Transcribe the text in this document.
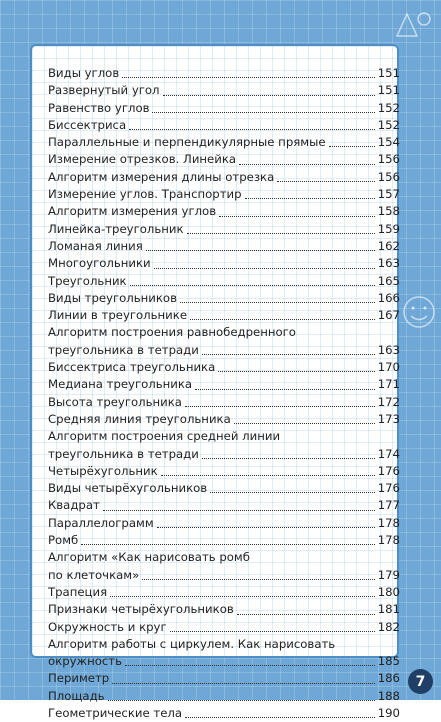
Виды углов	151
Развернутый угол	151
Равенство углов	152
Биссектриса	152
Параллельные и перпендикулярные прямые	154
Измерение отрезков. Линейка	156
Алгоритм измерения длины отрезка	156
Измерение углов. Транспортир	157
Алгоритм измерения углов	158
Линейка-треугольник	159
Ломаная линия	162
Многоугольники	163
Треугольник	165
Виды треугольников	166
Линии в треугольнике	167
Алгоритм построения равнобедренного
треугольника в тетради	163
Биссектриса треугольника	170
Медиана треугольника	171
Высота треугольника	172
Средняя линия треугольника	173
Алгоритм построения средней линии
треугольника в тетради	174
Четырёхугольник	176
Виды четырёхугольников	176
Квадрат	177
Параллелограмм	178
Ромб	178
Алгоритм «Как нарисовать ромб
по клеточкам»	179
Трапеция	180
Признаки четырёхугольников	181
Окружность и круг	182
Алгоритм работы с циркулем. Как нарисовать
окружность	185
Периметр	186
Площадь	188
Геометрические тела	190
7
